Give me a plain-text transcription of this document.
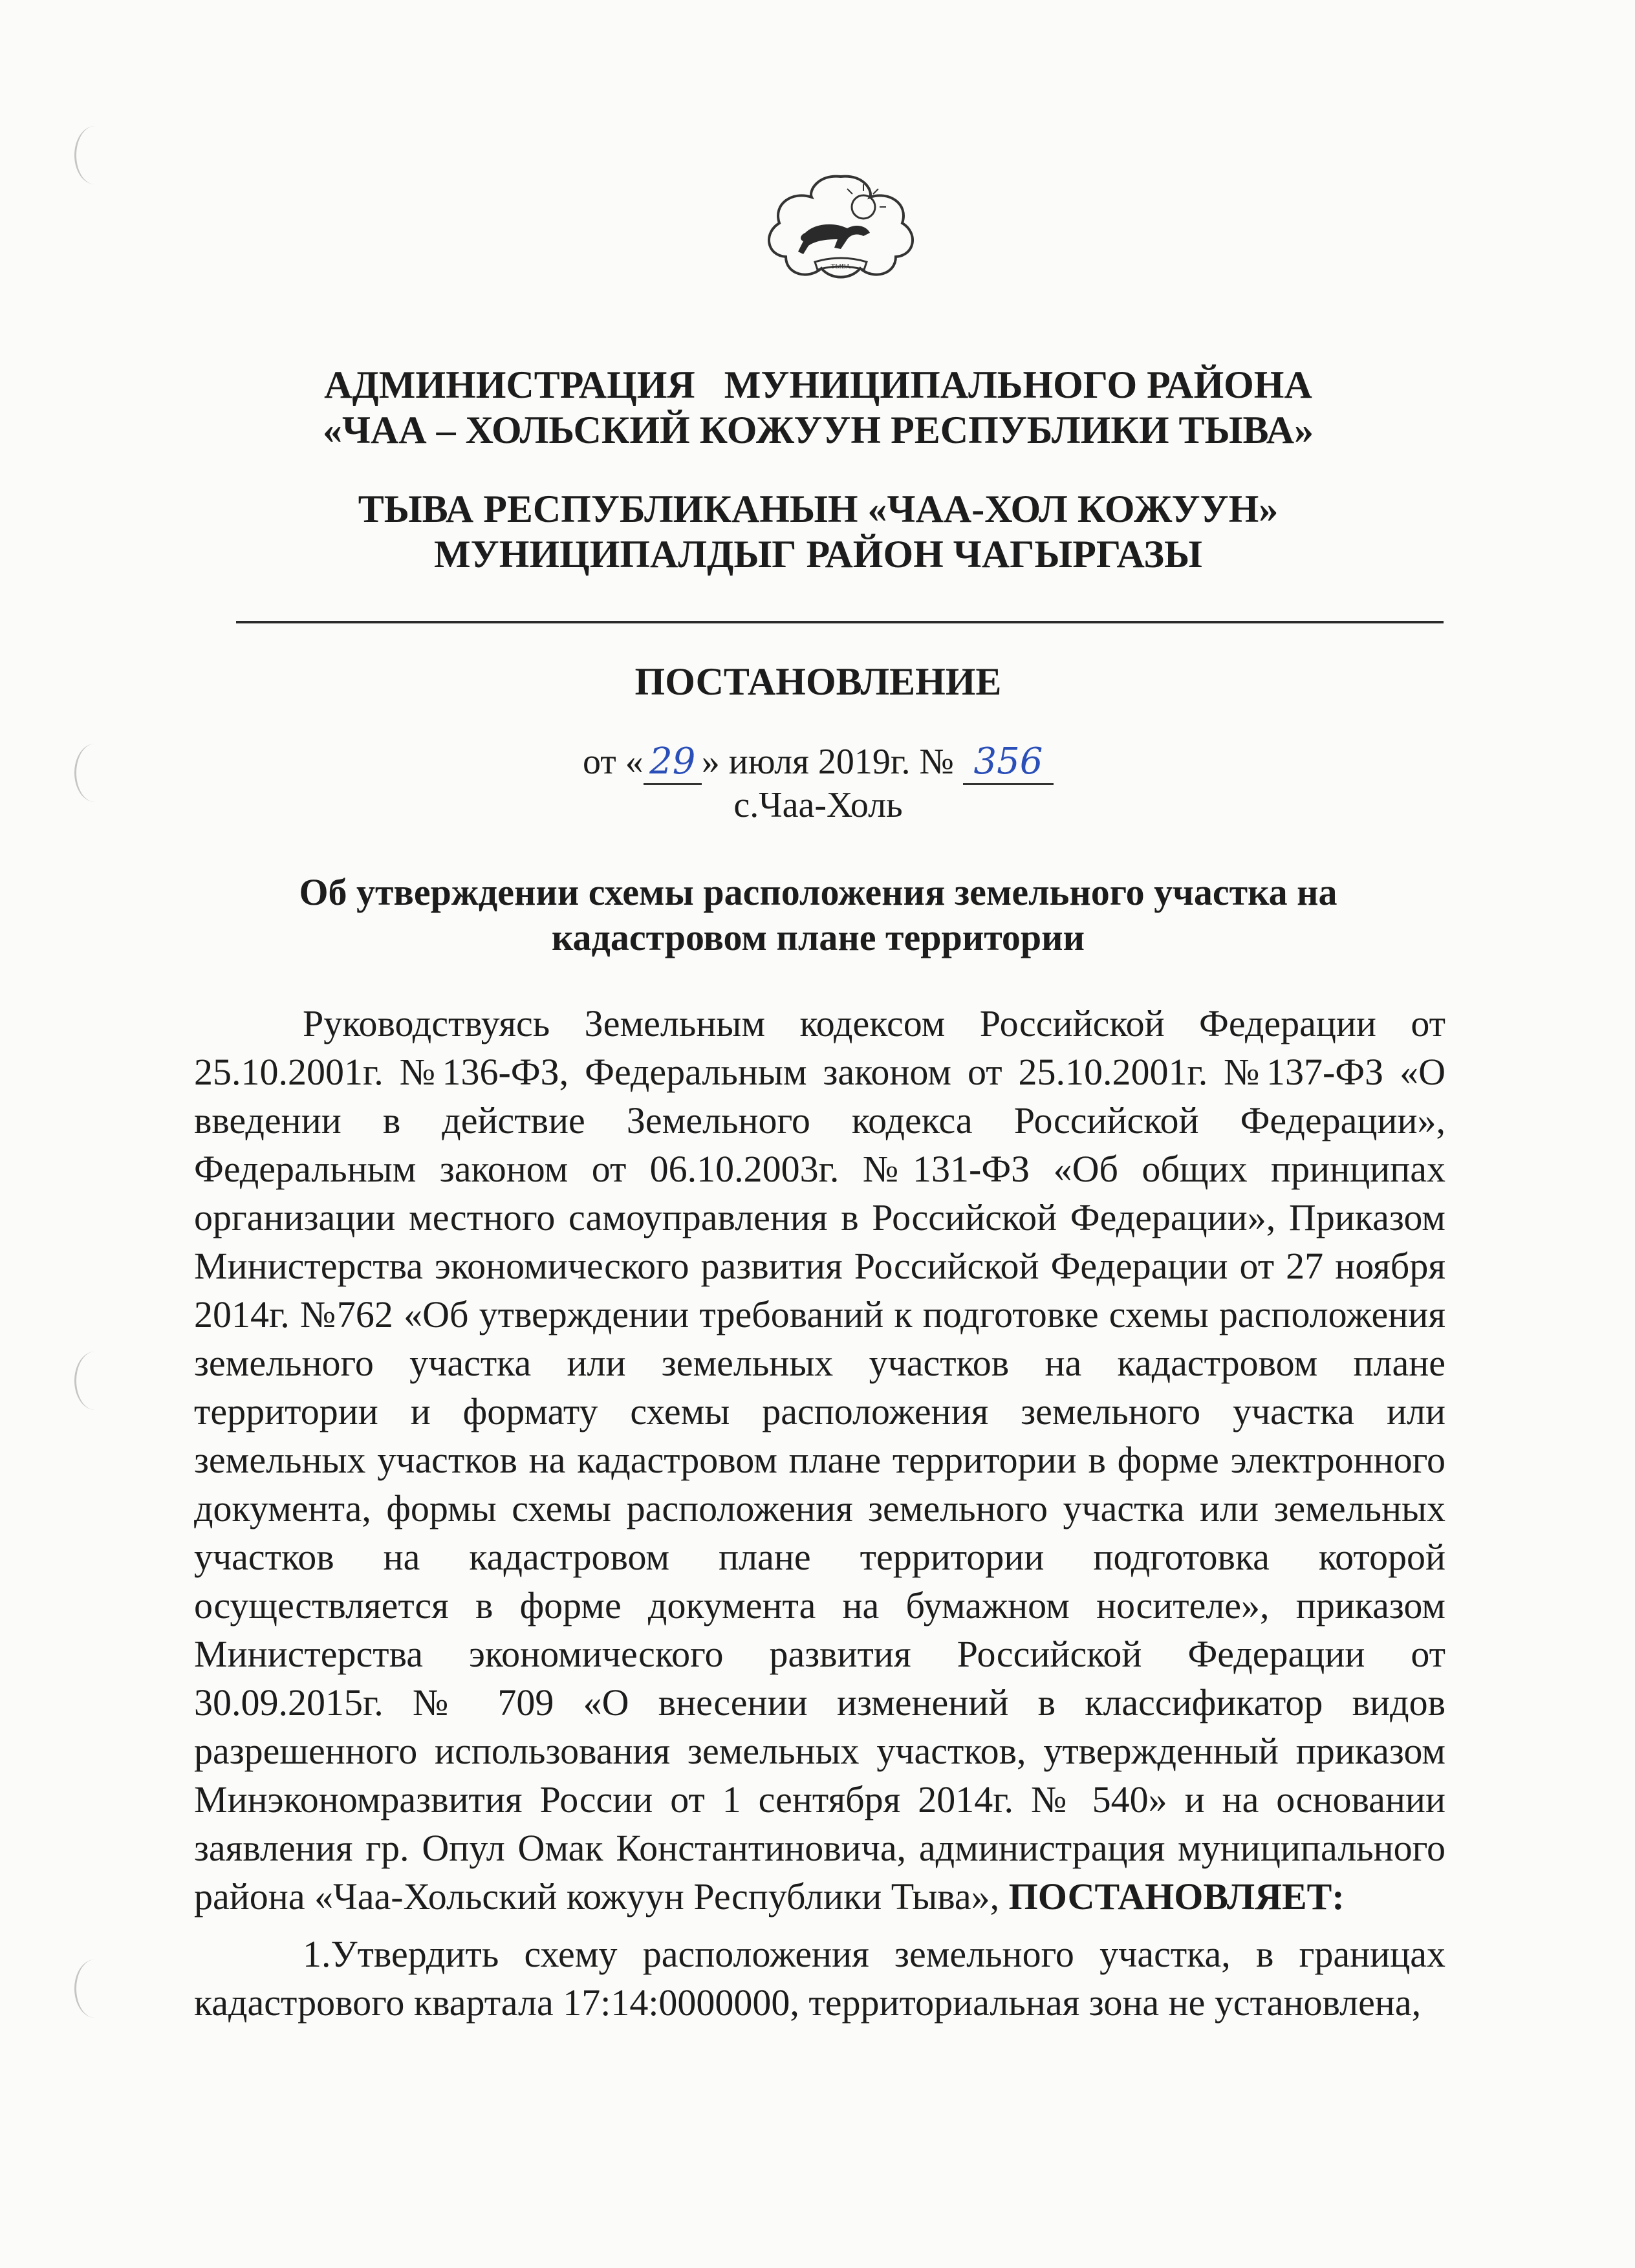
ТЫВА
АДМИНИСТРАЦИЯ   МУНИЦИПАЛЬНОГО РАЙОНА
«ЧАА – ХОЛЬСКИЙ КОЖУУН РЕСПУБЛИКИ ТЫВА»
ТЫВА РЕСПУБЛИКАНЫН «ЧАА-ХОЛ КОЖУУН»
МУНИЦИПАЛДЫГ РАЙОН ЧАГЫРГАЗЫ
ПОСТАНОВЛЕНИЕ
от « 29 » июля 2019г. № 356
с.Чаа-Холь
Об утверждении схемы расположения земельного участка на
кадастровом плане территории

Руководствуясь Земельным кодексом Российской Федерации от 25.10.2001г. №136-ФЗ, Федеральным законом от 25.10.2001г. №137-ФЗ «О введении в действие Земельного кодекса Российской Федерации», Федеральным законом от 06.10.2003г. №131-ФЗ «Об общих принципах организации местного самоуправления в Российской Федерации», Приказом Министерства экономического развития Российской Федерации от 27 ноября 2014г. №762 «Об утверждении требований к подготовке схемы расположения земельного участка или земельных участков на кадастровом плане территории и формату схемы расположения земельного участка или земельных участков на кадастровом плане территории в форме электронного документа, формы схемы расположения земельного участка или земельных участков на кадастровом плане территории подготовка которой осуществляется в форме документа на бумажном носителе», приказом Министерства экономического развития Российской Федерации от 30.09.2015г. № 709 «О внесении изменений в классификатор видов разрешенного использования земельных участков, утвержденный приказом Минэкономразвития России от 1 сентября 2014г. № 540» и на основании заявления гр. Опул Омак Константиновича, администрация муниципального района «Чаа-Хольский кожуун Республики Тыва», ПОСТАНОВЛЯЕТ:

1.Утвердить схему расположения земельного участка, в границах кадастрового квартала 17:14:0000000, территориальная зона не установлена,
